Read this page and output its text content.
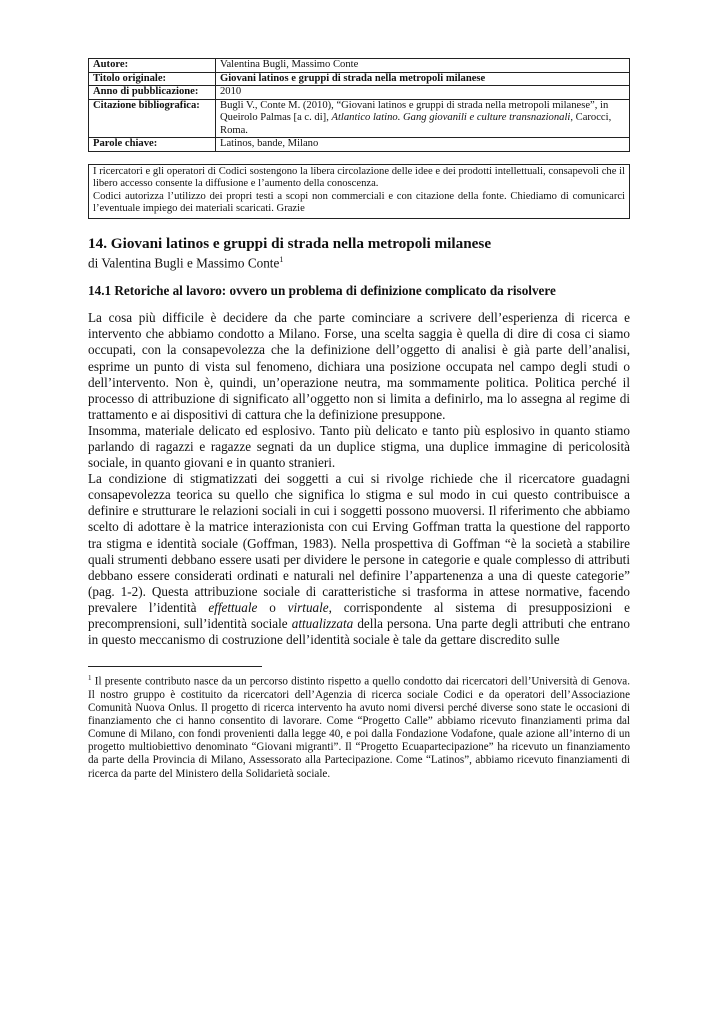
Autore:	Valentina Bugli, Massimo Conte
Titolo originale:	Giovani latinos e gruppi di strada nella metropoli milanese
Anno di pubblicazione:	2010
Citazione bibliografica:	Bugli V., Conte M. (2010), “Giovani latinos e gruppi di strada nella metropoli milanese”, in Queirolo Palmas [a c. di], Atlantico latino. Gang giovanili e culture transnazionali, Carocci, Roma.
Parole chiave:	Latinos, bande, Milano

I ricercatori e gli operatori di Codici sostengono la libera circolazione delle idee e dei prodotti intellettuali, consapevoli che il libero accesso consente la diffusione e l’aumento della conoscenza.

Codici autorizza l’utilizzo dei propri testi a scopi non commerciali e con citazione della fonte. Chiediamo di comunicarci l’eventuale impiego dei materiali scaricati. Grazie

14. Giovani latinos e gruppi di strada nella metropoli milanese

di Valentina Bugli e Massimo Conte$^1$

14.1 Retoriche al lavoro: ovvero un problema di definizione complicato da risolvere

La cosa più difficile è decidere da che parte cominciare a scrivere dell’esperienza di ricerca e intervento che abbiamo condotto a Milano. Forse, una scelta saggia è quella di dire di cosa ci siamo occupati, con la consapevolezza che la definizione dell’oggetto di analisi è già parte dell’analisi, esprime un punto di vista sul fenomeno, dichiara una posizione occupata nel campo degli studi o dell’intervento. Non è, quindi, un’operazione neutra, ma sommamente politica. Politica perché il processo di attribuzione di significato all’oggetto non si limita a definirlo, ma lo assegna al regime di trattamento e ai dispositivi di cattura che la definizione presuppone.

Insomma, materiale delicato ed esplosivo. Tanto più delicato e tanto più esplosivo in quanto stiamo parlando di ragazzi e ragazze segnati da un duplice stigma, una duplice immagine di pericolosità sociale, in quanto giovani e in quanto stranieri.

La condizione di stigmatizzati dei soggetti a cui si rivolge richiede che il ricercatore guadagni consapevolezza teorica su quello che significa lo stigma e sul modo in cui questo contribuisce a definire e strutturare le relazioni sociali in cui i soggetti possono muoversi. Il riferimento che abbiamo scelto di adottare è la matrice interazionista con cui Erving Goffman tratta la questione del rapporto tra stigma e identità sociale (Goffman, 1983). Nella prospettiva di Goffman “è la società a stabilire quali strumenti debbano essere usati per dividere le persone in categorie e quale complesso di attributi debbano essere considerati ordinati e naturali nel definire l’appartenenza a una di queste categorie” (pag. 1-2). Questa attribuzione sociale di caratteristiche si trasforma in attese normative, facendo prevalere l’identità effettuale o virtuale, corrispondente al sistema di presupposizioni e precomprensioni, sull’identità sociale attualizzata della persona. Una parte degli attributi che entrano in questo meccanismo di costruzione dell’identità sociale è tale da gettare discredito sulle

$^1$ Il presente contributo nasce da un percorso distinto rispetto a quello condotto dai ricercatori dell’Università di Genova. Il nostro gruppo è costituito da ricercatori dell’Agenzia di ricerca sociale Codici e da operatori dell’Associazione Comunità Nuova Onlus. Il progetto di ricerca intervento ha avuto nomi diversi perché diverse sono state le occasioni di finanziamento che ci hanno consentito di lavorare. Come “Progetto Calle” abbiamo ricevuto finanziamenti prima dal Comune di Milano, con fondi provenienti dalla legge 40, e poi dalla Fondazione Vodafone, quale azione all’interno di un progetto multiobiettivo denominato “Giovani migranti”. Il “Progetto Ecuapartecipazione” ha ricevuto un finanziamento da parte della Provincia di Milano, Assessorato alla Partecipazione. Come “Latinos”, abbiamo ricevuto finanziamenti di ricerca da parte del Ministero della Solidarietà sociale.
